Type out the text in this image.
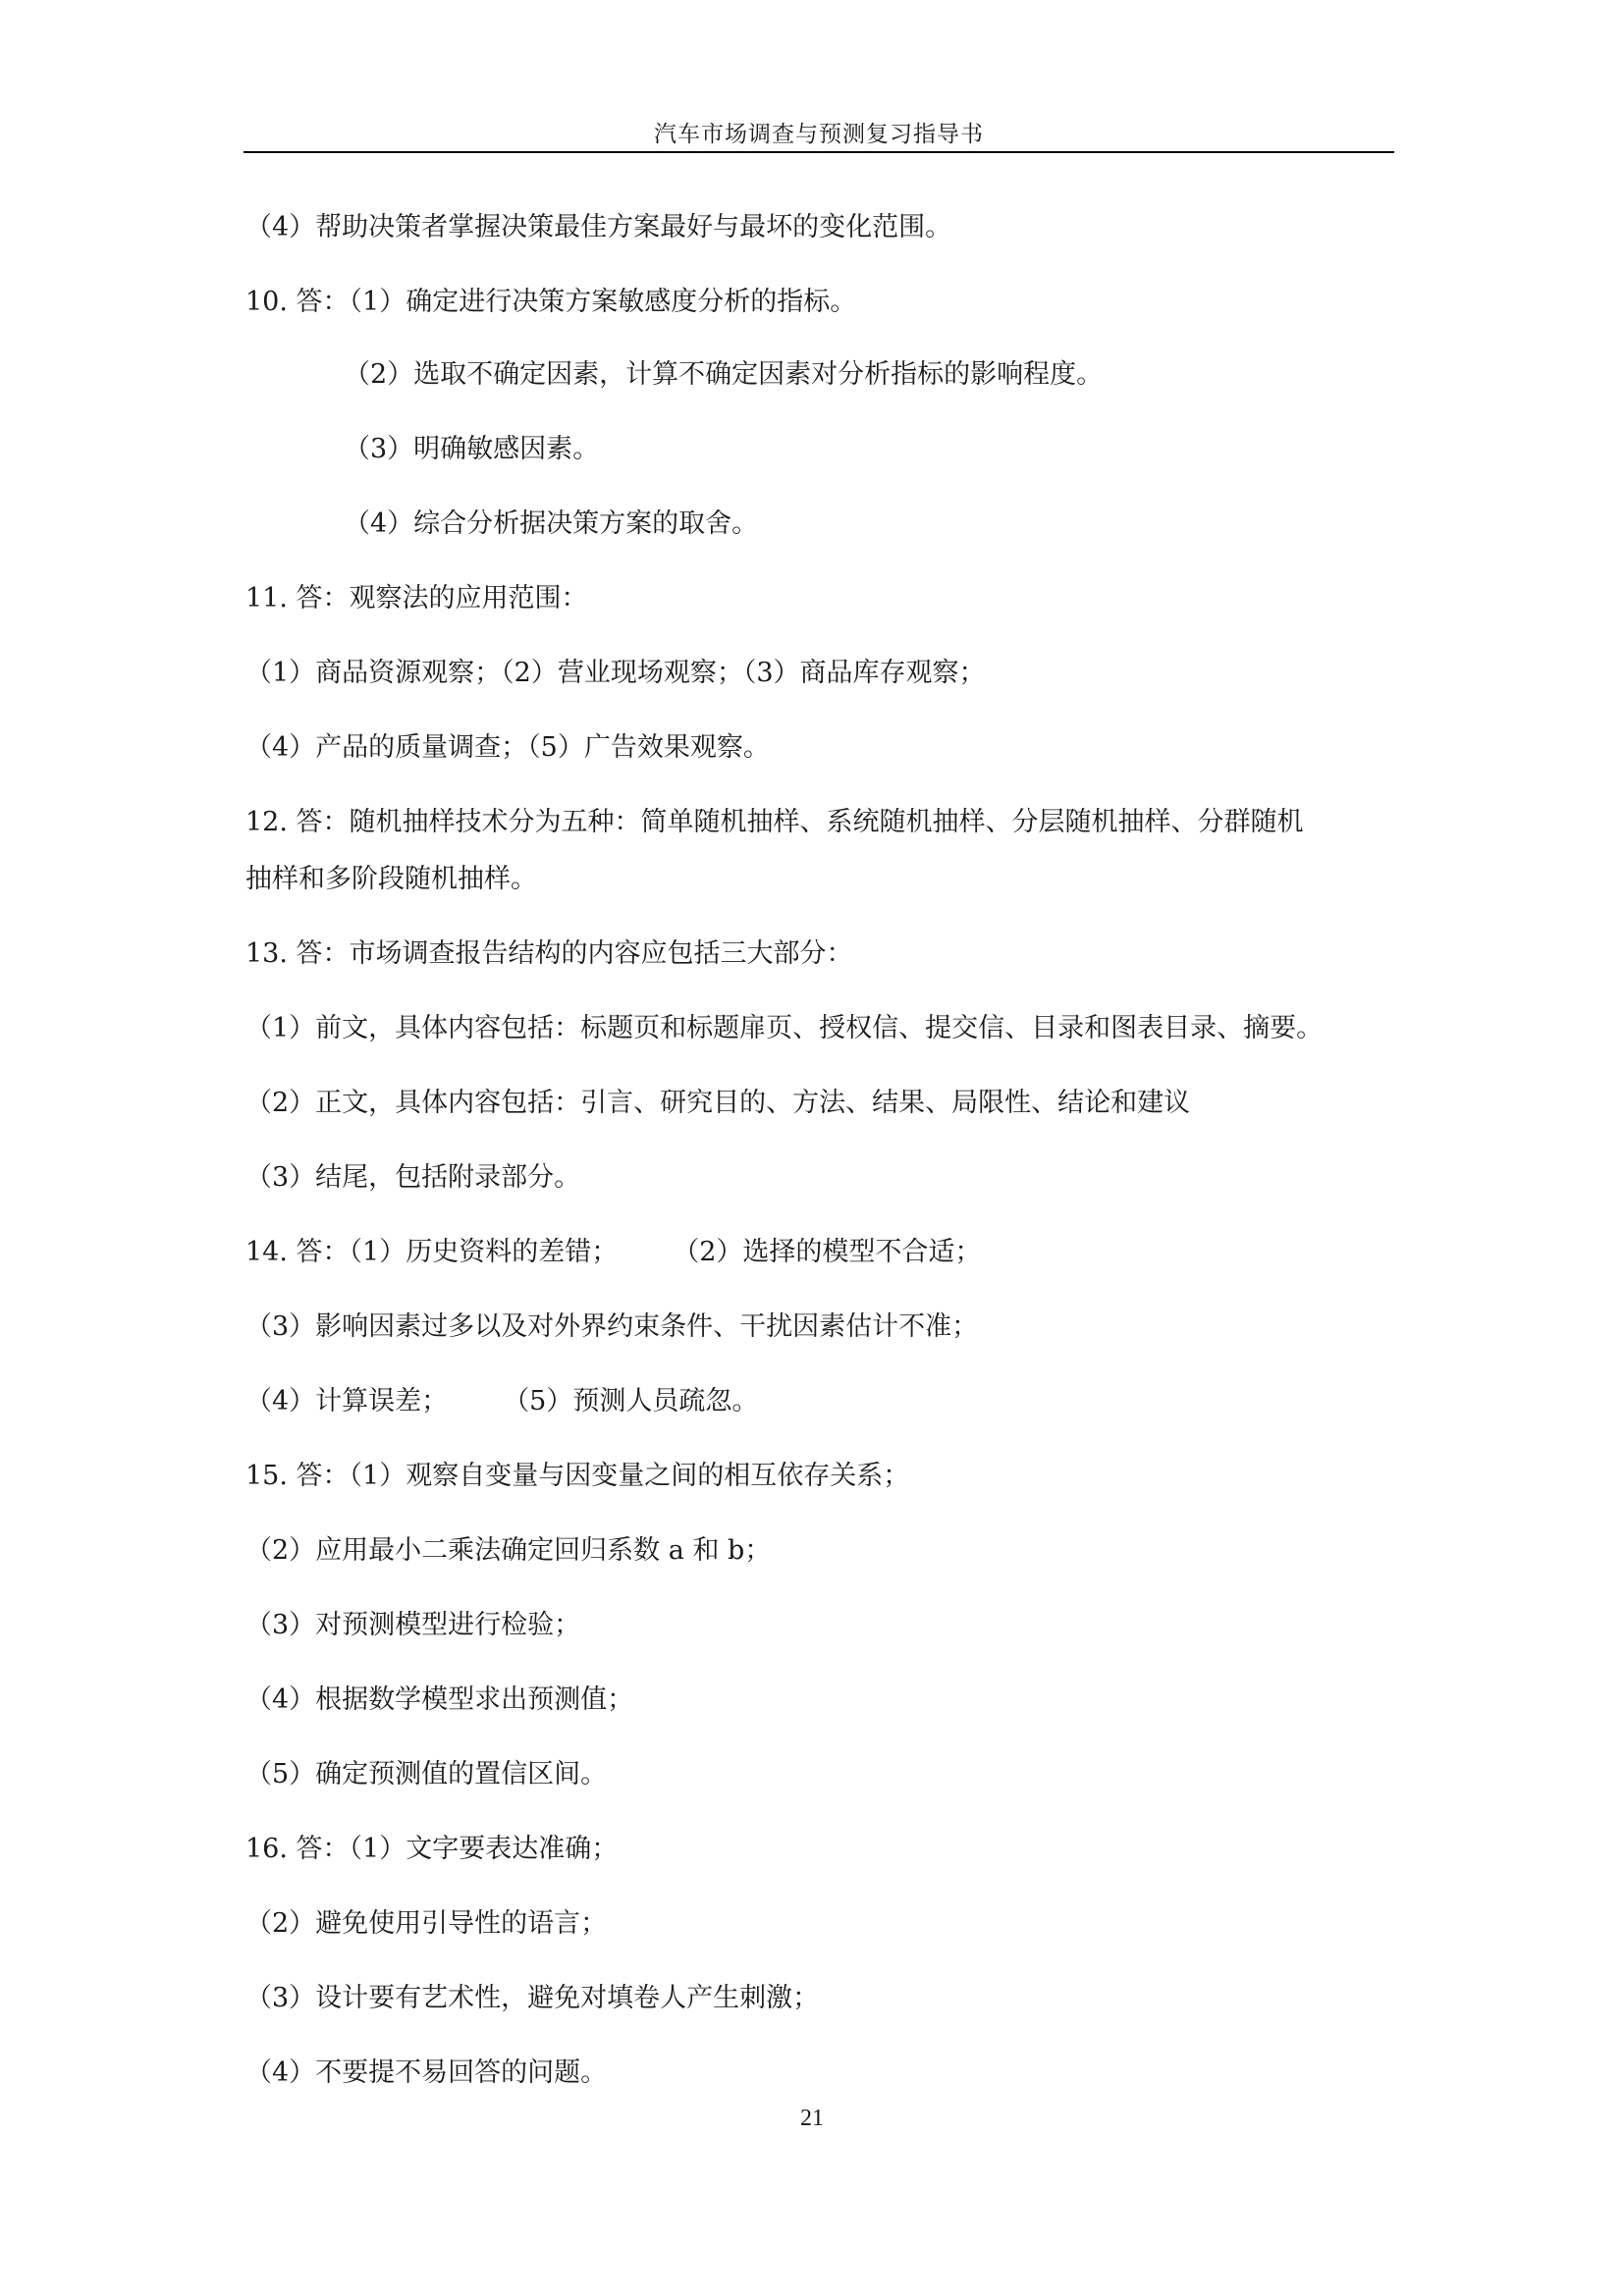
汽车市场调查与预测复习指导书
（4）帮助决策者掌握决策最佳方案最好与最坏的变化范围。
10. 答：（1）确定进行决策方案敏感度分析的指标。
（2）选取不确定因素，计算不确定因素对分析指标的影响程度。
（3）明确敏感因素。
（4）综合分析据决策方案的取舍。
11. 答：观察法的应用范围：
（1）商品资源观察；（2）营业现场观察；（3）商品库存观察；
（4）产品的质量调查；（5）广告效果观察。
12. 答：随机抽样技术分为五种：简单随机抽样、系统随机抽样、分层随机抽样、分群随机
抽样和多阶段随机抽样。
13. 答：市场调查报告结构的内容应包括三大部分：
（1）前文，具体内容包括：标题页和标题扉页、授权信、提交信、目录和图表目录、摘要。
（2）正文，具体内容包括：引言、研究目的、方法、结果、局限性、结论和建议
（3）结尾，包括附录部分。
14. 答：（1）历史资料的差错； （2）选择的模型不合适；
（3）影响因素过多以及对外界约束条件、干扰因素估计不准；
（4）计算误差； （5）预测人员疏忽。
15. 答：（1）观察自变量与因变量之间的相互依存关系；
（2）应用最小二乘法确定回归系数 a 和 b；
（3）对预测模型进行检验；
（4）根据数学模型求出预测值；
（5）确定预测值的置信区间。
16. 答：（1）文字要表达准确；
（2）避免使用引导性的语言；
（3）设计要有艺术性，避免对填卷人产生刺激；
（4）不要提不易回答的问题。
21
